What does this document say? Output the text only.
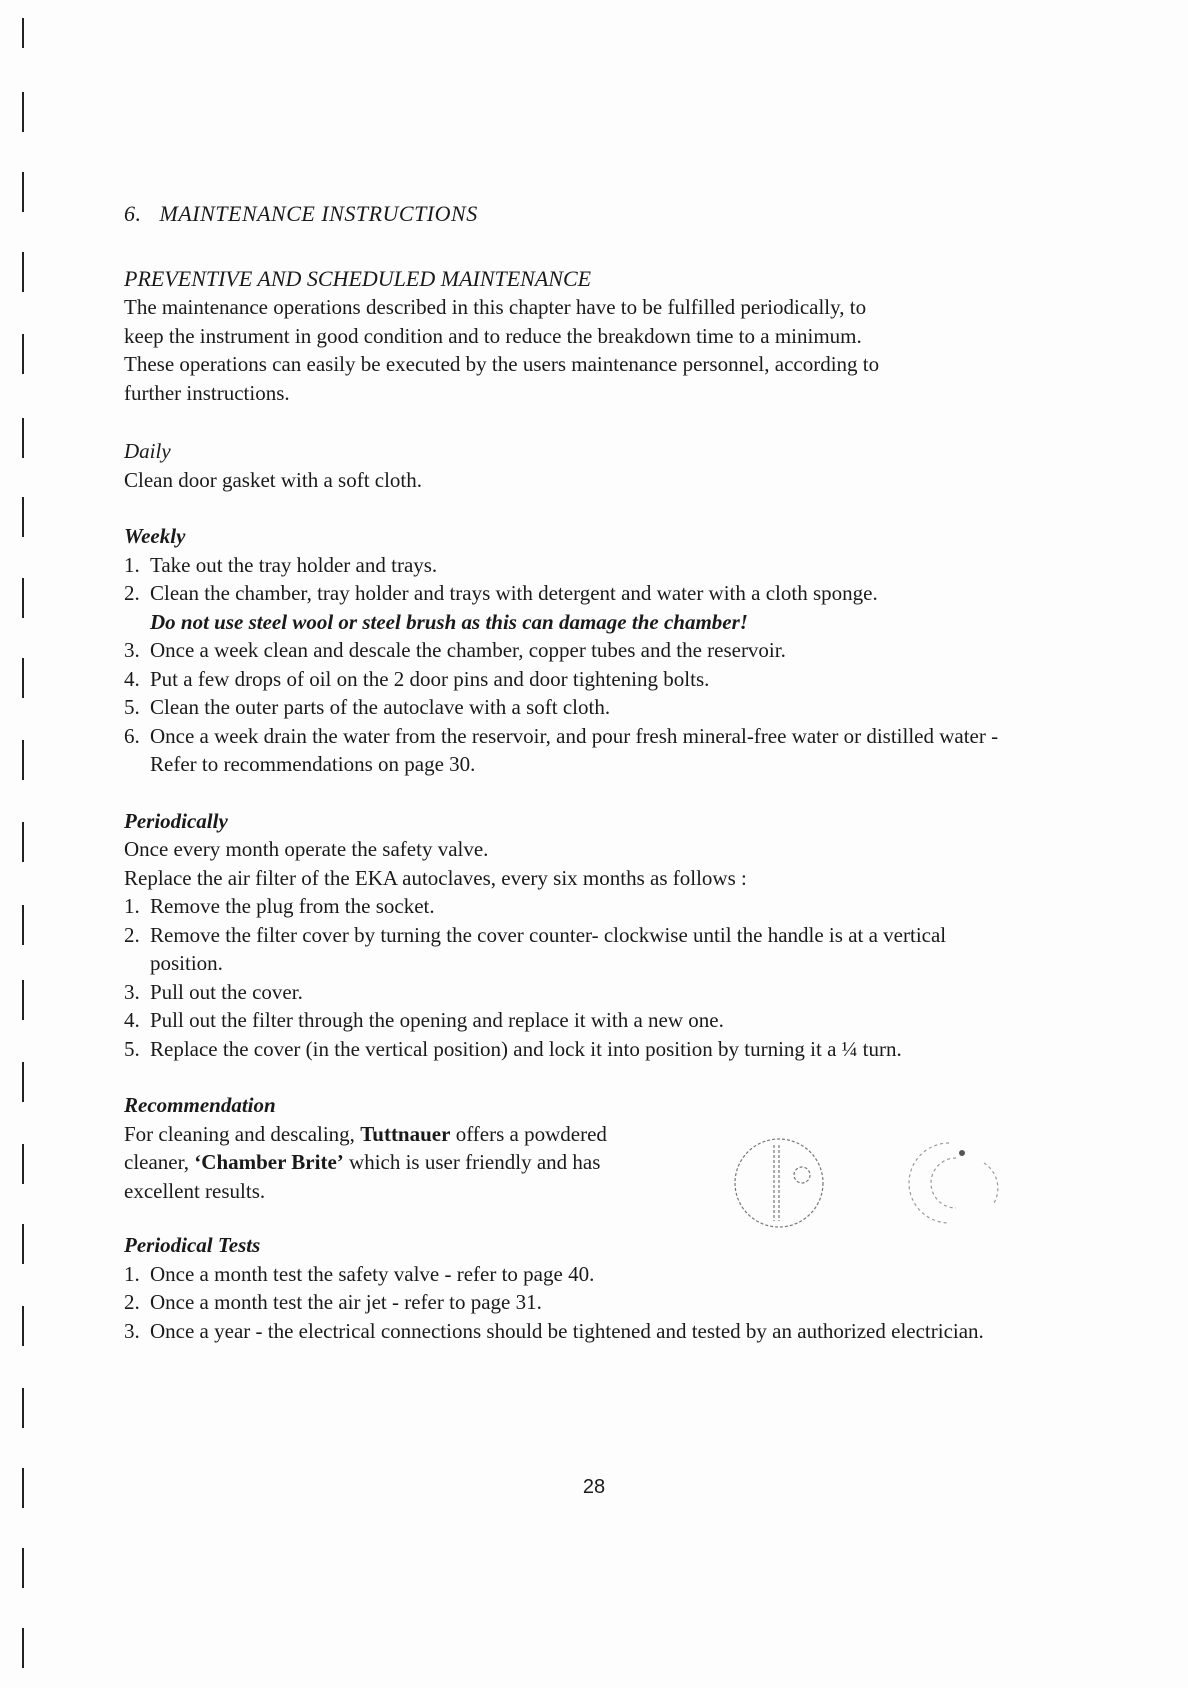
6. MAINTENANCE INSTRUCTIONS
PREVENTIVE AND SCHEDULED MAINTENANCE

The maintenance operations described in this chapter have to be fulfilled periodically, to

keep the instrument in good condition and to reduce the breakdown time to a minimum.

These operations can easily be executed by the users maintenance personnel, according to

further instructions.

Daily

Clean door gasket with a soft cloth.

Weekly
1. Take out the tray holder and trays.
2. Clean the chamber, tray holder and trays with detergent and water with a cloth sponge.
Do not use steel wool or steel brush as this can damage the chamber!
3. Once a week clean and descale the chamber, copper tubes and the reservoir.
4. Put a few drops of oil on the 2 door pins and door tightening bolts.
5. Clean the outer parts of the autoclave with a soft cloth.
6. Once a week drain the water from the reservoir, and pour fresh mineral-free water or distilled water - Refer to recommendations on page 30.
Periodically

Once every month operate the safety valve.

Replace the air filter of the EKA autoclaves, every six months as follows :

1. Remove the plug from the socket.
2. Remove the filter cover by turning the cover counter- clockwise until the handle is at a vertical position.
3. Pull out the cover.
4. Pull out the filter through the opening and replace it with a new one.
5. Replace the cover (in the vertical position) and lock it into position by turning it a ¼ turn.
Recommendation

For cleaning and descaling, Tuttnauer offers a powdered cleaner, ‘Chamber Brite’ which is user friendly and has excellent results.

Periodical Tests
1. Once a month test the safety valve - refer to page 40.
2. Once a month test the air jet - refer to page 31.
3. Once a year - the electrical connections should be tightened and tested by an authorized electrician.
28
